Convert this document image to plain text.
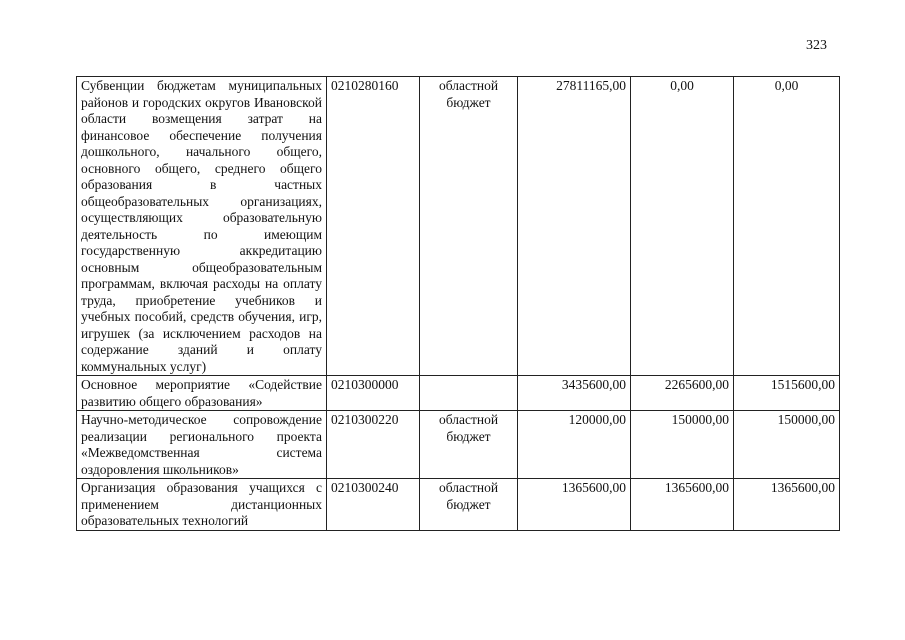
323
Субвенции бюджетам муниципальных районов и городских округов Ивановской области возмещения затрат на финансовое обеспечение получения дошкольного, начального общего, основного общего, среднего общего образования в частных общеобразовательных организациях, осуществляющих образовательную деятельность по имеющим государственную аккредитацию основным общеобразовательным программам, включая расходы на оплату труда, приобретение учебников и учебных пособий, средств обучения, игр, игрушек (за исключением расходов на содержание зданий и оплату коммунальных услуг)	0210280160	областной бюджет	27811165,00	0,00	0,00
Основное мероприятие «Содействие развитию общего образования»	0210300000		3435600,00	2265600,00	1515600,00
Научно-методическое сопровождение реализации регионального проекта «Межведомственная система оздоровления школьников»	0210300220	областной бюджет	120000,00	150000,00	150000,00
Организация образования учащихся с применением дистанционных образовательных технологий	0210300240	областной бюджет	1365600,00	1365600,00	1365600,00
